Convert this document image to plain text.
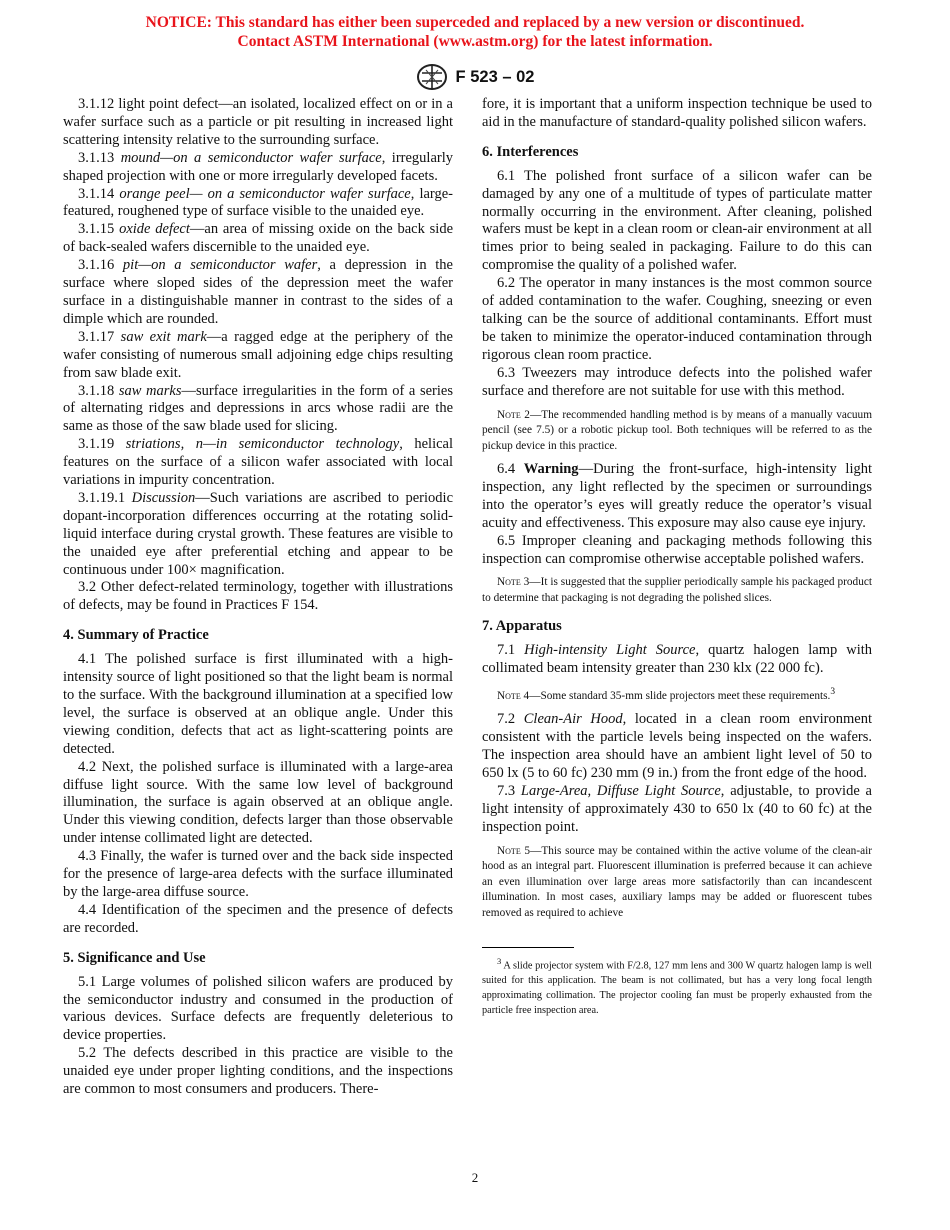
NOTICE: This standard has either been superceded and replaced by a new version or discontinued.
Contact ASTM International (www.astm.org) for the latest information.
F 523 – 02

3.1.12 light point defect—an isolated, localized effect on or in a wafer surface such as a particle or pit resulting in increased light scattering intensity relative to the surrounding surface.

3.1.13 mound—on a semiconductor wafer surface, irregularly shaped projection with one or more irregularly developed facets.

3.1.14 orange peel— on a semiconductor wafer surface, large-featured, roughened type of surface visible to the unaided eye.

3.1.15 oxide defect—an area of missing oxide on the back side of back-sealed wafers discernible to the unaided eye.

3.1.16 pit—on a semiconductor wafer, a depression in the surface where sloped sides of the depression meet the wafer surface in a distinguishable manner in contrast to the sides of a dimple which are rounded.

3.1.17 saw exit mark—a ragged edge at the periphery of the wafer consisting of numerous small adjoining edge chips resulting from saw blade exit.

3.1.18 saw marks—surface irregularities in the form of a series of alternating ridges and depressions in arcs whose radii are the same as those of the saw blade used for slicing.

3.1.19 striations, n—in semiconductor technology, helical features on the surface of a silicon wafer associated with local variations in impurity concentration.

3.1.19.1 Discussion—Such variations are ascribed to periodic dopant-incorporation differences occurring at the rotating solid-liquid interface during crystal growth. These features are visible to the unaided eye after preferential etching and appear to be continuous under 100× magnification.

3.2 Other defect-related terminology, together with illustrations of defects, may be found in Practices F 154.

4. Summary of Practice

4.1 The polished surface is first illuminated with a high-intensity source of light positioned so that the light beam is normal to the surface. With the background illumination at a specified low level, the surface is observed at an oblique angle. Under this viewing condition, defects that act as light-scattering points are detected.

4.2 Next, the polished surface is illuminated with a large-area diffuse light source. With the same low level of background illumination, the surface is again observed at an oblique angle. Under this viewing condition, defects larger than those observable under intense collimated light are detected.

4.3 Finally, the wafer is turned over and the back side inspected for the presence of large-area defects with the surface illuminated by the large-area diffuse source.

4.4 Identification of the specimen and the presence of defects are recorded.

5. Significance and Use

5.1 Large volumes of polished silicon wafers are produced by the semiconductor industry and consumed in the production of various devices. Surface defects are frequently deleterious to device properties.

5.2 The defects described in this practice are visible to the unaided eye under proper lighting conditions, and the inspections are common to most consumers and producers. There-

fore, it is important that a uniform inspection technique be used to aid in the manufacture of standard-quality polished silicon wafers.

6. Interferences

6.1 The polished front surface of a silicon wafer can be damaged by any one of a multitude of types of particulate matter normally occurring in the environment. After cleaning, polished wafers must be kept in a clean room or clean-air environment at all times prior to being sealed in packaging. Failure to do this can compromise the quality of a polished wafer.

6.2 The operator in many instances is the most common source of added contamination to the wafer. Coughing, sneezing or even talking can be the source of additional contaminants. Effort must be taken to minimize the operator-induced contamination through rigorous clean room practice.

6.3 Tweezers may introduce defects into the polished wafer surface and therefore are not suitable for use with this method.

Note 2—The recommended handling method is by means of a manually vacuum pencil (see 7.5) or a robotic pickup tool. Both techniques will be referred to as the pickup device in this practice.

6.4 Warning—During the front-surface, high-intensity light inspection, any light reflected by the specimen or surroundings into the operator’s eyes will greatly reduce the operator’s visual acuity and effectiveness. This exposure may also cause eye injury.

6.5 Improper cleaning and packaging methods following this inspection can compromise otherwise acceptable polished wafers.

Note 3—It is suggested that the supplier periodically sample his packaged product to determine that packaging is not degrading the polished slices.

7. Apparatus

7.1 High-intensity Light Source, quartz halogen lamp with collimated beam intensity greater than 230 klx (22 000 fc).

Note 4—Some standard 35-mm slide projectors meet these requirements.$^3$

7.2 Clean-Air Hood, located in a clean room environment consistent with the particle levels being inspected on the wafers. The inspection area should have an ambient light level of 50 to 650 lx (5 to 60 fc) 230 mm (9 in.) from the front edge of the hood.

7.3 Large-Area, Diffuse Light Source, adjustable, to provide a light intensity of approximately 430 to 650 lx (40 to 60 fc) at the inspection point.

Note 5—This source may be contained within the active volume of the clean-air hood as an integral part. Fluorescent illumination is preferred because it can achieve an even illumination over large areas more satisfactorily than can incandescent illumination. In most cases, auxiliary lamps may be added or fluorescent tubes removed as required to achieve

$^3$ A slide projector system with F/2.8, 127 mm lens and 300 W quartz halogen lamp is well suited for this application. The beam is not collimated, but has a very long focal length approximating collimation. The projector cooling fan must be properly exhausted from the particle free inspection area.

2
